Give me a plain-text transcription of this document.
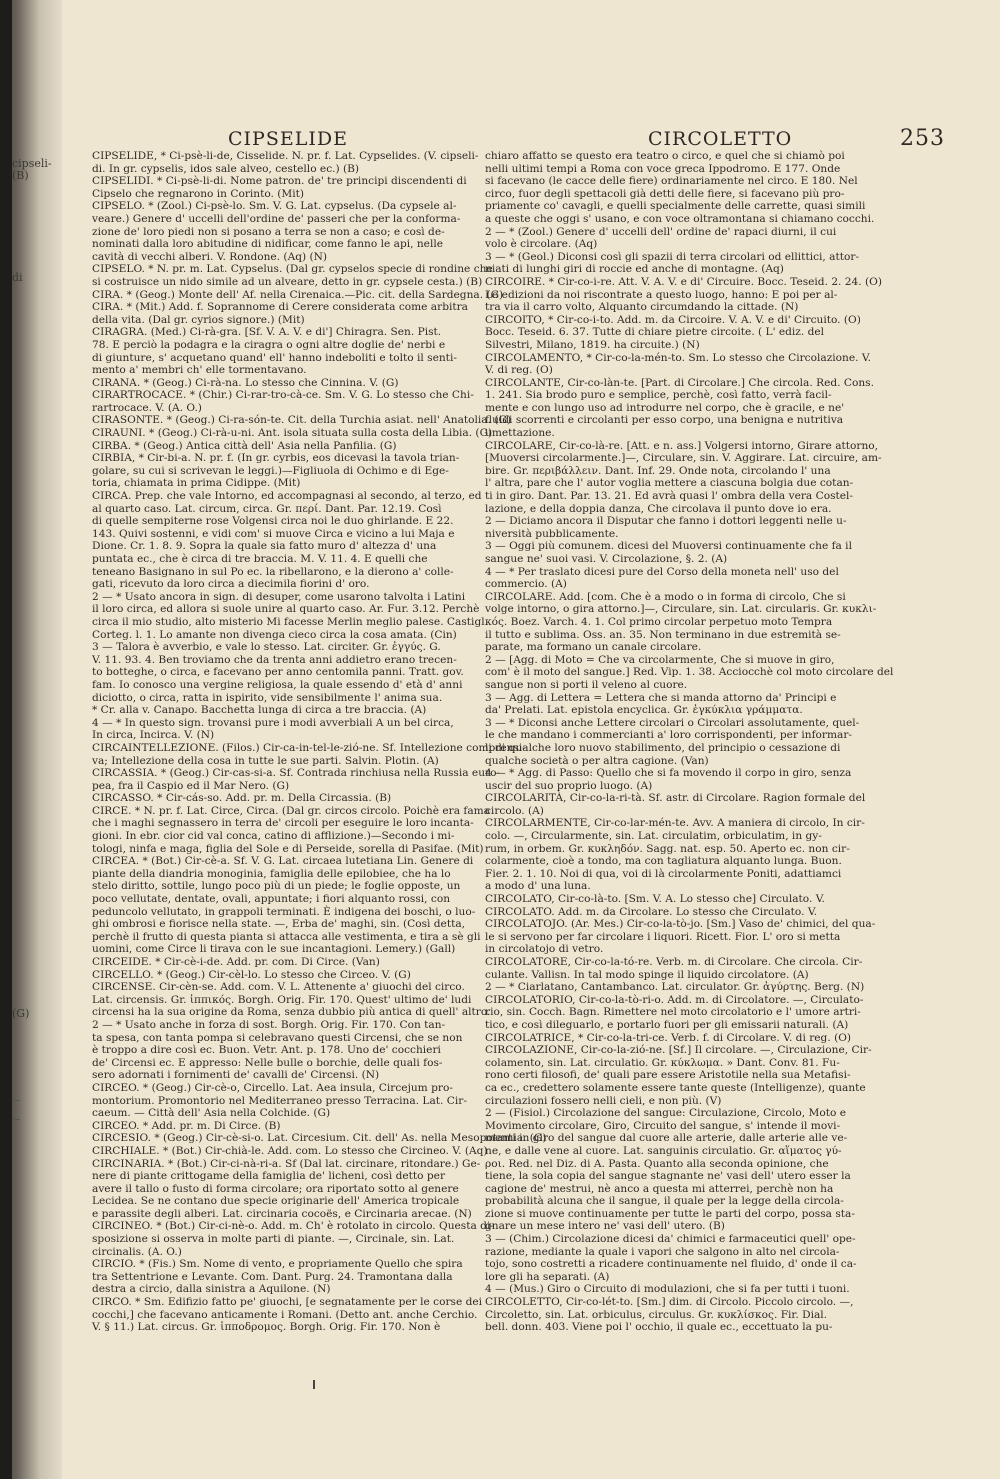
cipseli-
(B)
di
(G)
CIPSELIDE	CIRCOLETTO	253
CIPSELIDE, * Ci-psè-li-de, Cisselide. N. pr. f. Lat. Cypselides. (V. cipseli-
di. In gr. cypselis, idos sale alveo, cestello ec.) (B)
CIPSELIDI. * Ci-psè-li-di. Nome patron. de' tre principi discendenti di
Cipselo che regnarono in Corinto. (Mit)
CIPSELO. * (Zool.) Ci-psè-lo. Sm. V. G. Lat. cypselus. (Da cypsele al-
veare.) Genere d' uccelli dell'ordine de' passeri che per la conforma-
zione de' loro piedi non si posano a terra se non a caso; e così de-
nominati dalla loro abitudine di nidificar, come fanno le api, nelle
cavità di vecchi alberi. V. Rondone. (Aq) (N)
CIPSELO. * N. pr. m. Lat. Cypselus. (Dal gr. cypselos specie di rondine che
si costruisce un nido simile ad un alveare, detto in gr. cypsele cesta.) (B)
CIRA. * (Geog.) Monte dell' Af. nella Cirenaica.—Pic. cit. della Sardegna. (G)
CIRA. * (Mit.) Add. f. Soprannome di Cerere considerata come arbitra
della vita. (Dal gr. cyrios signore.) (Mit)
CIRAGRA. (Med.) Ci-rà-gra. [Sf. V. A. V. e di'] Chiragra. Sen. Pist.
78. E perciò la podagra e la ciragra o ogni altre doglie de' nerbi e
di giunture, s' acquetano quand' ell' hanno indeboliti e tolto il senti-
mento a' membri ch' elle tormentavano.
CIRANA. * (Geog.) Ci-rà-na. Lo stesso che Cinnina. V. (G)
CIRARTROCACE. * (Chir.) Ci-rar-tro-cà-ce. Sm. V. G. Lo stesso che Chi-
rartrocace. V. (A. O.)
CIRASONTE. * (Geog.) Ci-ra-són-te. Cit. della Turchia asiat. nell' Anatolia. (G)
CIRAUNI. * (Geog.) Ci-rà-u-ni. Ant. isola situata sulla costa della Libia. (G)
CIRBA. * (Geog.) Antica città dell' Asia nella Panfilia. (G)
CIRBIA, * Cir-bi-a. N. pr. f. (In gr. cyrbis, eos dicevasi la tavola trian-
golare, su cui si scrivevan le leggi.)—Figliuola di Ochimo e di Ege-
toria, chiamata in prima Cidippe. (Mit)
CIRCA. Prep. che vale Intorno, ed accompagnasi al secondo, al terzo, ed
al quarto caso. Lat. circum, circa. Gr. περί. Dant. Par. 12.19. Così
di quelle sempiterne rose Volgensi circa noi le duo ghirlande. E 22.
143. Quivi sostenni, e vidi com' si muove Circa e vicino a lui Maja e
Dione. Cr. 1. 8. 9. Sopra la quale sia fatto muro d' altezza d' una
puntata ec., che è circa di tre braccia. M. V. 11. 4. E quelli che
teneano Basignano in sul Po ec. la ribellarono, e la dierono a' colle-
gati, ricevuto da loro circa a diecimila fiorini d' oro.
2 — * Usato ancora in sign. di desuper, come usarono talvolta i Latini
il loro circa, ed allora si suole unire al quarto caso. Ar. Fur. 3.12. Perchè
circa il mio studio, alto misterio Mi facesse Merlin meglio palese. Castigl.
Corteg. l. 1. Lo amante non divenga cieco circa la cosa amata. (Cin)
3 — Talora è avverbio, e vale lo stesso. Lat. circiter. Gr. ἐγγύς. G.
V. 11. 93. 4. Ben troviamo che da trenta anni addietro erano trecen-
to botteghe, o circa, e facevano per anno centomila panni. Tratt. gov.
fam. Io conosco una vergine religiosa, la quale essendo d' età d' anni
diciotto, o circa, ratta in ispirito, vide sensibilmente l' anima sua.
* Cr. alla v. Canapo. Bacchetta lunga di circa a tre braccia. (A)
4 — * In questo sign. trovansi pure i modi avverbiali A un bel circa,
In circa, Incirca. V. (N)
CIRCAINTELLEZIONE. (Filos.) Cir-ca-in-tel-le-zió-ne. Sf. Intellezione comprensi-
va; Intellezione della cosa in tutte le sue parti. Salvin. Plotin. (A)
CIRCASSIA. * (Geog.) Cir-cas-si-a. Sf. Contrada rinchiusa nella Russia euro-
pea, fra il Caspio ed il Mar Nero. (G)
CIRCASSO. * Cir-cás-so. Add. pr. m. Della Circassia. (B)
CIRCE. * N. pr. f. Lat. Circe, Circa. (Dal gr. circos circolo. Poichè era fama
che i maghi segnassero in terra de' circoli per eseguire le loro incanta-
gioni. In ebr. cior cid val conca, catino di afflizione.)—Secondo i mi-
tologi, ninfa e maga, figlia del Sole e di Perseide, sorella di Pasifae. (Mit)
CIRCEA. * (Bot.) Cir-cè-a. Sf. V. G. Lat. circaea lutetiana Lin. Genere di
piante della diandria monoginia, famiglia delle epilobiee, che ha lo
stelo diritto, sottile, lungo poco più di un piede; le foglie opposte, un
poco vellutate, dentate, ovali, appuntate; i fiori alquanto rossi, con
peduncolo vellutato, in grappoli terminati. È indigena dei boschi, o luo-
ghi ombrosi e fiorisce nella state. —, Erba de' maghi, sin. (Così detta,
perchè il frutto di questa pianta si attacca alle vestimenta, e tira a sè gli
uomini, come Circe li tirava con le sue incantagioni. Lemery.) (Gall)
CIRCEIDE. * Cir-cè-i-de. Add. pr. com. Di Circe. (Van)
CIRCELLO. * (Geog.) Cir-cèl-lo. Lo stesso che Circeo. V. (G)
CIRCENSE. Cir-cèn-se. Add. com. V. L. Attenente a' giuochi del circo.
Lat. circensis. Gr. ἱππικός. Borgh. Orig. Fir. 170. Quest' ultimo de' ludi
circensi ha la sua origine da Roma, senza dubbio più antica di quell' altro.
2 — * Usato anche in forza di sost. Borgh. Orig. Fir. 170. Con tan-
ta spesa, con tanta pompa si celebravano questi Circensi, che se non
è troppo a dire così ec. Buon. Vetr. Ant. p. 178. Uno de' cocchieri
de' Circensi ec. E appresso: Nelle bulle o borchie, delle quali fos-
sero adornati i fornimenti de' cavalli de' Circensi. (N)
CIRCEO. * (Geog.) Cir-cè-o, Circello. Lat. Aea insula, Circejum pro-
montorium. Promontorio nel Mediterraneo presso Terracina. Lat. Cir-
caeum. — Città dell' Asia nella Colchide. (G)
CIRCEO. * Add. pr. m. Di Circe. (B)
CIRCESIO. * (Geog.) Cir-cè-si-o. Lat. Circesium. Cit. dell' As. nella Mesopotamia. (G)
CIRCHIALE. * (Bot.) Cir-chià-le. Add. com. Lo stesso che Circineo. V. (Aq)
CIRCINARIA. * (Bot.) Cir-ci-nà-ri-a. Sf (Dal lat. circinare, ritondare.) Ge-
nere di piante crittogame della famiglia de' licheni, così detto per
avere il tallo o fusto di forma circolare; ora riportato sotto al genere
Lecidea. Se ne contano due specie originarie dell' America tropicale
e parassite degli alberi. Lat. circinaria cocoës, e Circinaria arecae. (N)
CIRCINEO. * (Bot.) Cir-ci-nè-o. Add. m. Ch' è rotolato in circolo. Questa di-
sposizione si osserva in molte parti di piante. —, Circinale, sin. Lat.
circinalis. (A. O.)
CIRCIO. * (Fis.) Sm. Nome di vento, e propriamente Quello che spira
tra Settentrione e Levante. Com. Dant. Purg. 24. Tramontana dalla
destra a circio, dalla sinistra a Aquilone. (N)
CIRCO. * Sm. Edifizio fatto pe' giuochi, [e segnatamente per le corse dei
cocchi,] che facevano anticamente i Romani. (Detto ant. anche Cerchio.
V. § 11.) Lat. circus. Gr. ἱπποδρομος. Borgh. Orig. Fir. 170. Non è
chiaro affatto se questo era teatro o circo, e quel che si chiamò poi
nelli ultimi tempi a Roma con voce greca Ippodromo. E 177. Onde
si facevano (le cacce delle fiere) ordinariamente nel circo. E 180. Nel
circo, fuor degli spettacoli già detti delle fiere, si facevano più pro-
priamente co' cavagli, e quelli specialmente delle carrette, quasi simili
a queste che oggi s' usano, e con voce oltramontana si chiamano cocchi.
2 — * (Zool.) Genere d' uccelli dell' ordine de' rapaci diurni, il cui
volo è circolare. (Aq)
3 — * (Geol.) Diconsi così gli spazii di terra circolari od ellittici, attor-
niati di lunghi giri di roccie ed anche di montagne. (Aq)
CIRCOIRE. * Cir-co-i-re. Att. V. A. V. e di' Circuire. Bocc. Teseid. 2. 24. (O)
Le edizioni da noi riscontrate a questo luogo, hanno: E poi per al-
tra via il carro volto, Alquanto circumdando la cittade. (N)
CIRCOITO, * Cir-co-i-to. Add. m. da Circoire. V. A. V. e di' Circuito. (O)
Bocc. Teseid. 6. 37. Tutte di chiare pietre circoite. ( L' ediz. del
Silvestri, Milano, 1819. ha circuite.) (N)
CIRCOLAMENTO, * Cir-co-la-mén-to. Sm. Lo stesso che Circolazione. V.
V. di reg. (O)
CIRCOLANTE, Cir-co-làn-te. [Part. di Circolare.] Che circola. Red. Cons.
1. 241. Sia brodo puro e semplice, perchè, così fatto, verrà facil-
mente e con lungo uso ad introdurre nel corpo, che è gracile, e ne'
fluidi scorrenti e circolanti per esso corpo, una benigna e nutritiva
umettazione.
CIRCOLARE, Cir-co-là-re. [Att. e n. ass.] Volgersi intorno, Girare attorno,
[Muoversi circolarmente.]—, Circulare, sin. V. Aggirare. Lat. circuire, am-
bire. Gr. περιβάλλειν. Dant. Inf. 29. Onde nota, circolando l' una
l' altra, pare che l' autor voglia mettere a ciascuna bolgia due cotan-
ti in giro. Dant. Par. 13. 21. Ed avrà quasi l' ombra della vera Costel-
lazione, e della doppia danza, Che circolava il punto dove io era.
2 — Diciamo ancora il Disputar che fanno i dottori leggenti nelle u-
niversità pubblicamente.
3 — Oggi più comunem. dicesi del Muoversi continuamente che fa il
sangue ne' suoi vasi. V. Circolazione, §. 2. (A)
4 — * Per traslato dicesi pure del Corso della moneta nell' uso del
commercio. (A)
CIRCOLARE. Add. [com. Che è a modo o in forma di circolo, Che si
volge intorno, o gira attorno.]—, Circulare, sin. Lat. circularis. Gr. κυκλι-
κός. Boez. Varch. 4. 1. Col primo circolar perpetuo moto Tempra
il tutto e sublima. Oss. an. 35. Non terminano in due estremità se-
parate, ma formano un canale circolare.
2 — [Agg. di Moto = Che va circolarmente, Che si muove in giro,
com' è il moto del sangue.] Red. Vip. 1. 38. Acciocchè col moto circolare del
sangue non si porti il veleno al cuore.
3 — Agg. di Lettera = Lettera che si manda attorno da' Principi e
da' Prelati. Lat. epistola encyclica. Gr. ἐγκύκλια γράμματα.
3 — * Diconsi anche Lettere circolari o Circolari assolutamente, quel-
le che mandano i commercianti a' loro corrispondenti, per informar-
li di qualche loro nuovo stabilimento, del principio o cessazione di
qualche società o per altra cagione. (Van)
4 — * Agg. di Passo: Quello che si fa movendo il corpo in giro, senza
uscir del suo proprio luogo. (A)
CIRCOLARITÀ, Cir-co-la-ri-tà. Sf. astr. di Circolare. Ragion formale del
circolo. (A)
CIRCOLARMENTE, Cir-co-lar-mén-te. Avv. A maniera di circolo, In cir-
colo. —, Circularmente, sin. Lat. circulatim, orbiculatim, in gy-
rum, in orbem. Gr. κυκληδόν. Sagg. nat. esp. 50. Aperto ec. non cir-
colarmente, cioè a tondo, ma con tagliatura alquanto lunga. Buon.
Fier. 2. 1. 10. Noi di qua, voi di là circolarmente Poniti, adattiamci
a modo d' una luna.
CIRCOLATO, Cir-co-là-to. [Sm. V. A. Lo stesso che] Circulato. V.
CIRCOLATO. Add. m. da Circolare. Lo stesso che Circulato. V.
CIRCOLATOJO. (Ar. Mes.) Cir-co-la-tò-jo. [Sm.] Vaso de' chimici, del qua-
le si servono per far circolare i liquori. Ricett. Fior. L' oro si metta
in circolatojo di vetro.
CIRCOLATORE, Cir-co-la-tó-re. Verb. m. di Circolare. Che circola. Cir-
culante. Vallisn. In tal modo spinge il liquido circolatore. (A)
2 — * Ciarlatano, Cantambanco. Lat. circulator. Gr. ἀγύρτης. Berg. (N)
CIRCOLATORIO, Cir-co-la-tò-ri-o. Add. m. di Circolatore. —, Circulato-
rio, sin. Cocch. Bagn. Rimettere nel moto circolatorio e l' umore artri-
tico, e così dileguarlo, e portarlo fuori per gli emissarii naturali. (A)
CIRCOLATRICE, * Cir-co-la-tri-ce. Verb. f. di Circolare. V. di reg. (O)
CIRCOLAZIONE, Cir-co-la-zió-ne. [Sf.] Il circolare. —, Circulazione, Cir-
colamento, sin. Lat. circulatio. Gr. κύκλωμα. » Dant. Conv. 81. Fu-
rono certi filosofi, de' quali pare essere Aristotile nella sua Metafisi-
ca ec., credettero solamente essere tante queste (Intelligenze), quante
circulazioni fossero nelli cieli, e non più. (V)
2 — (Fisiol.) Circolazione del sangue: Circulazione, Circolo, Moto e
Movimento circolare, Giro, Circuito del sangue, s' intende il movi-
menti in giro del sangue dal cuore alle arterie, dalle arterie alle ve-
ne, e dalle vene al cuore. Lat. sanguinis circulatio. Gr. αἵματος γύ-
ροι. Red. nel Diz. di A. Pasta. Quanto alla seconda opinione, che
tiene, la sola copia del sangue stagnante ne' vasi dell' utero esser la
cagione de' mestrui, nè anco a questa mi atterrei, perchè non ha
probabilità alcuna che il sangue, il quale per la legge della circola-
zione si muove continuamente per tutte le parti del corpo, possa sta-
gnare un mese intero ne' vasi dell' utero. (B)
3 — (Chim.) Circolazione dicesi da' chimici e farmaceutici quell' ope-
razione, mediante la quale i vapori che salgono in alto nel circola-
tojo, sono costretti a ricadere continuamente nel fluido, d' onde il ca-
lore gli ha separati. (A)
4 — (Mus.) Giro o Circuito di modulazioni, che si fa per tutti i tuoni.
CIRCOLETTO, Cir-co-lét-to. [Sm.] dim. di Circolo. Piccolo circolo. —,
Circoletto, sin. Lat. orbiculus, circulus. Gr. κυκλίσκος. Fir. Dial.
bell. donn. 403. Viene poi l' occhio, il quale ec., eccettuato la pu-
